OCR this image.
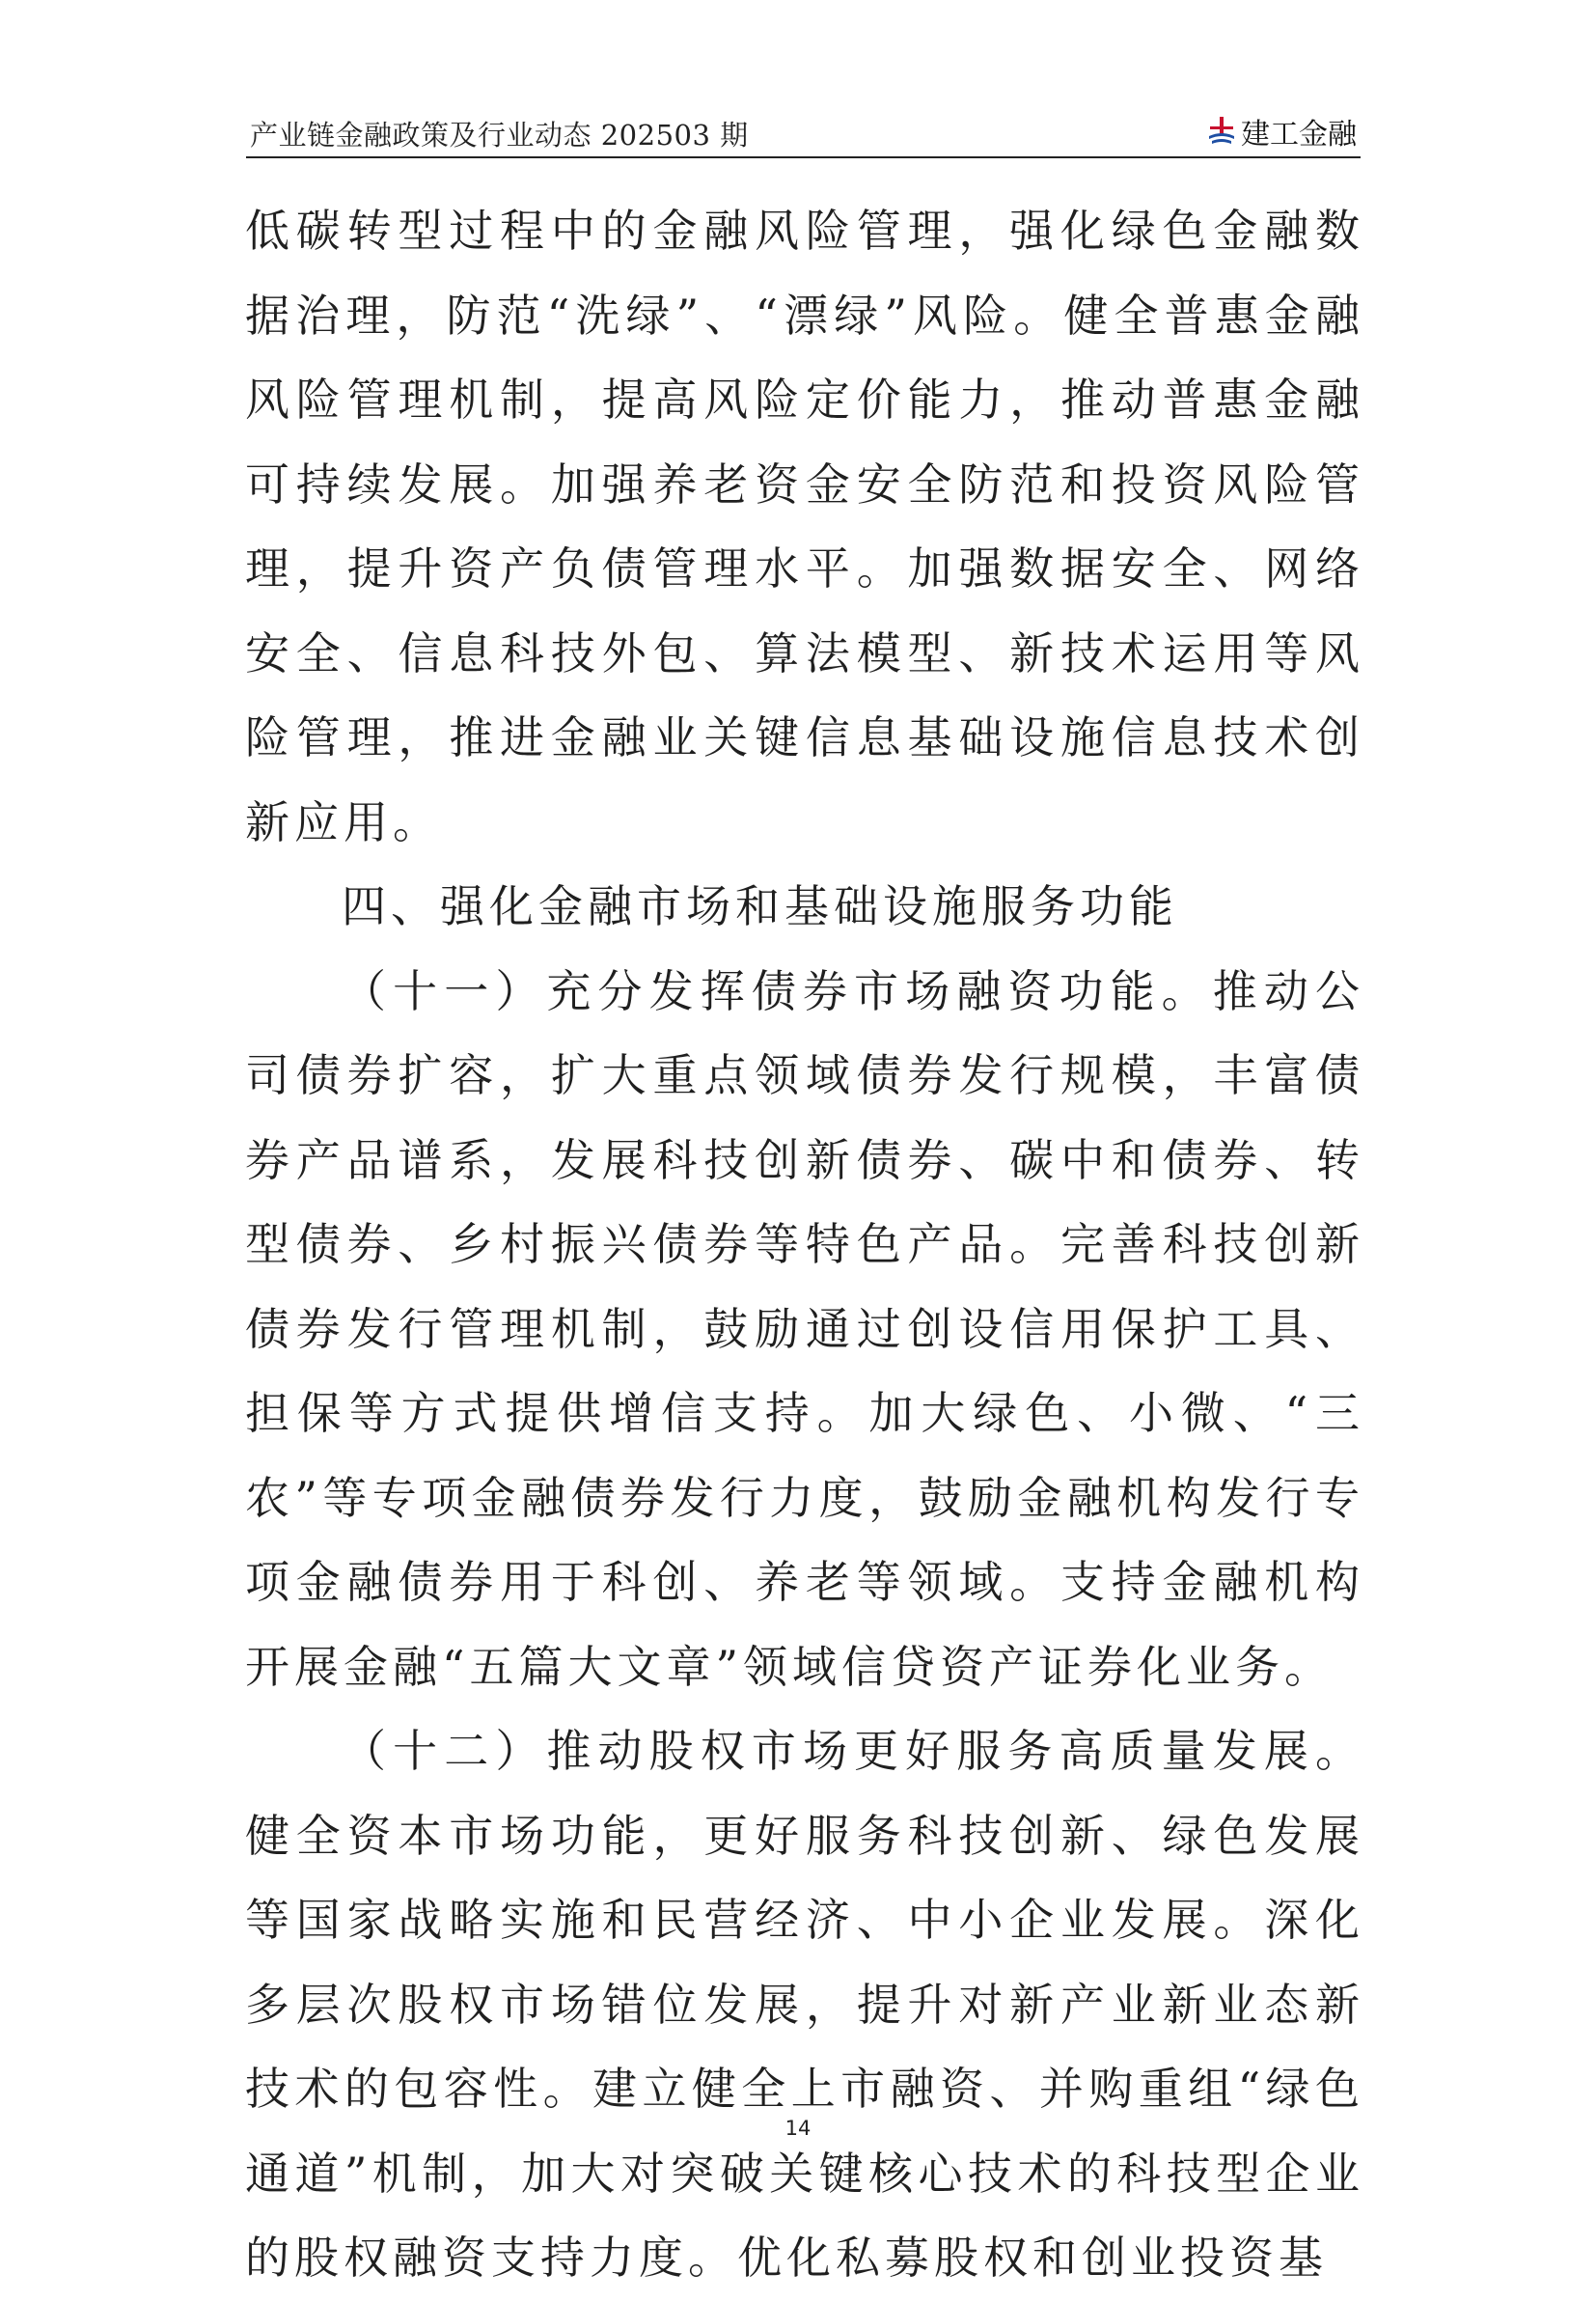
产业链金融政策及行业动态 202503 期	建工金融

低碳转型过程中的金融风险管理，强化绿色金融数据治理，防范“洗绿”、“漂绿”风险。健全普惠金融风险管理机制，提高风险定价能力，推动普惠金融可持续发展。加强养老资金安全防范和投资风险管理，提升资产负债管理水平。加强数据安全、网络安全、信息科技外包、算法模型、新技术运用等风险管理，推进金融业关键信息基础设施信息技术创新应用。

四、强化金融市场和基础设施服务功能

（十一）充分发挥债券市场融资功能。推动公司债券扩容，扩大重点领域债券发行规模，丰富债券产品谱系，发展科技创新债券、碳中和债券、转型债券、乡村振兴债券等特色产品。完善科技创新债券发行管理机制，鼓励通过创设信用保护工具、担保等方式提供增信支持。加大绿色、小微、“三农”等专项金融债券发行力度，鼓励金融机构发行专项金融债券用于科创、养老等领域。支持金融机构开展金融“五篇大文章”领域信贷资产证券化业务。

（十二）推动股权市场更好服务高质量发展。健全资本市场功能，更好服务科技创新、绿色发展等国家战略实施和民营经济、中小企业发展。深化多层次股权市场错位发展，提升对新产业新业态新技术的包容性。建立健全上市融资、并购重组“绿色通道”机制，加大对突破关键核心技术的科技型企业的股权融资支持力度。优化私募股权和创业投资基

14
